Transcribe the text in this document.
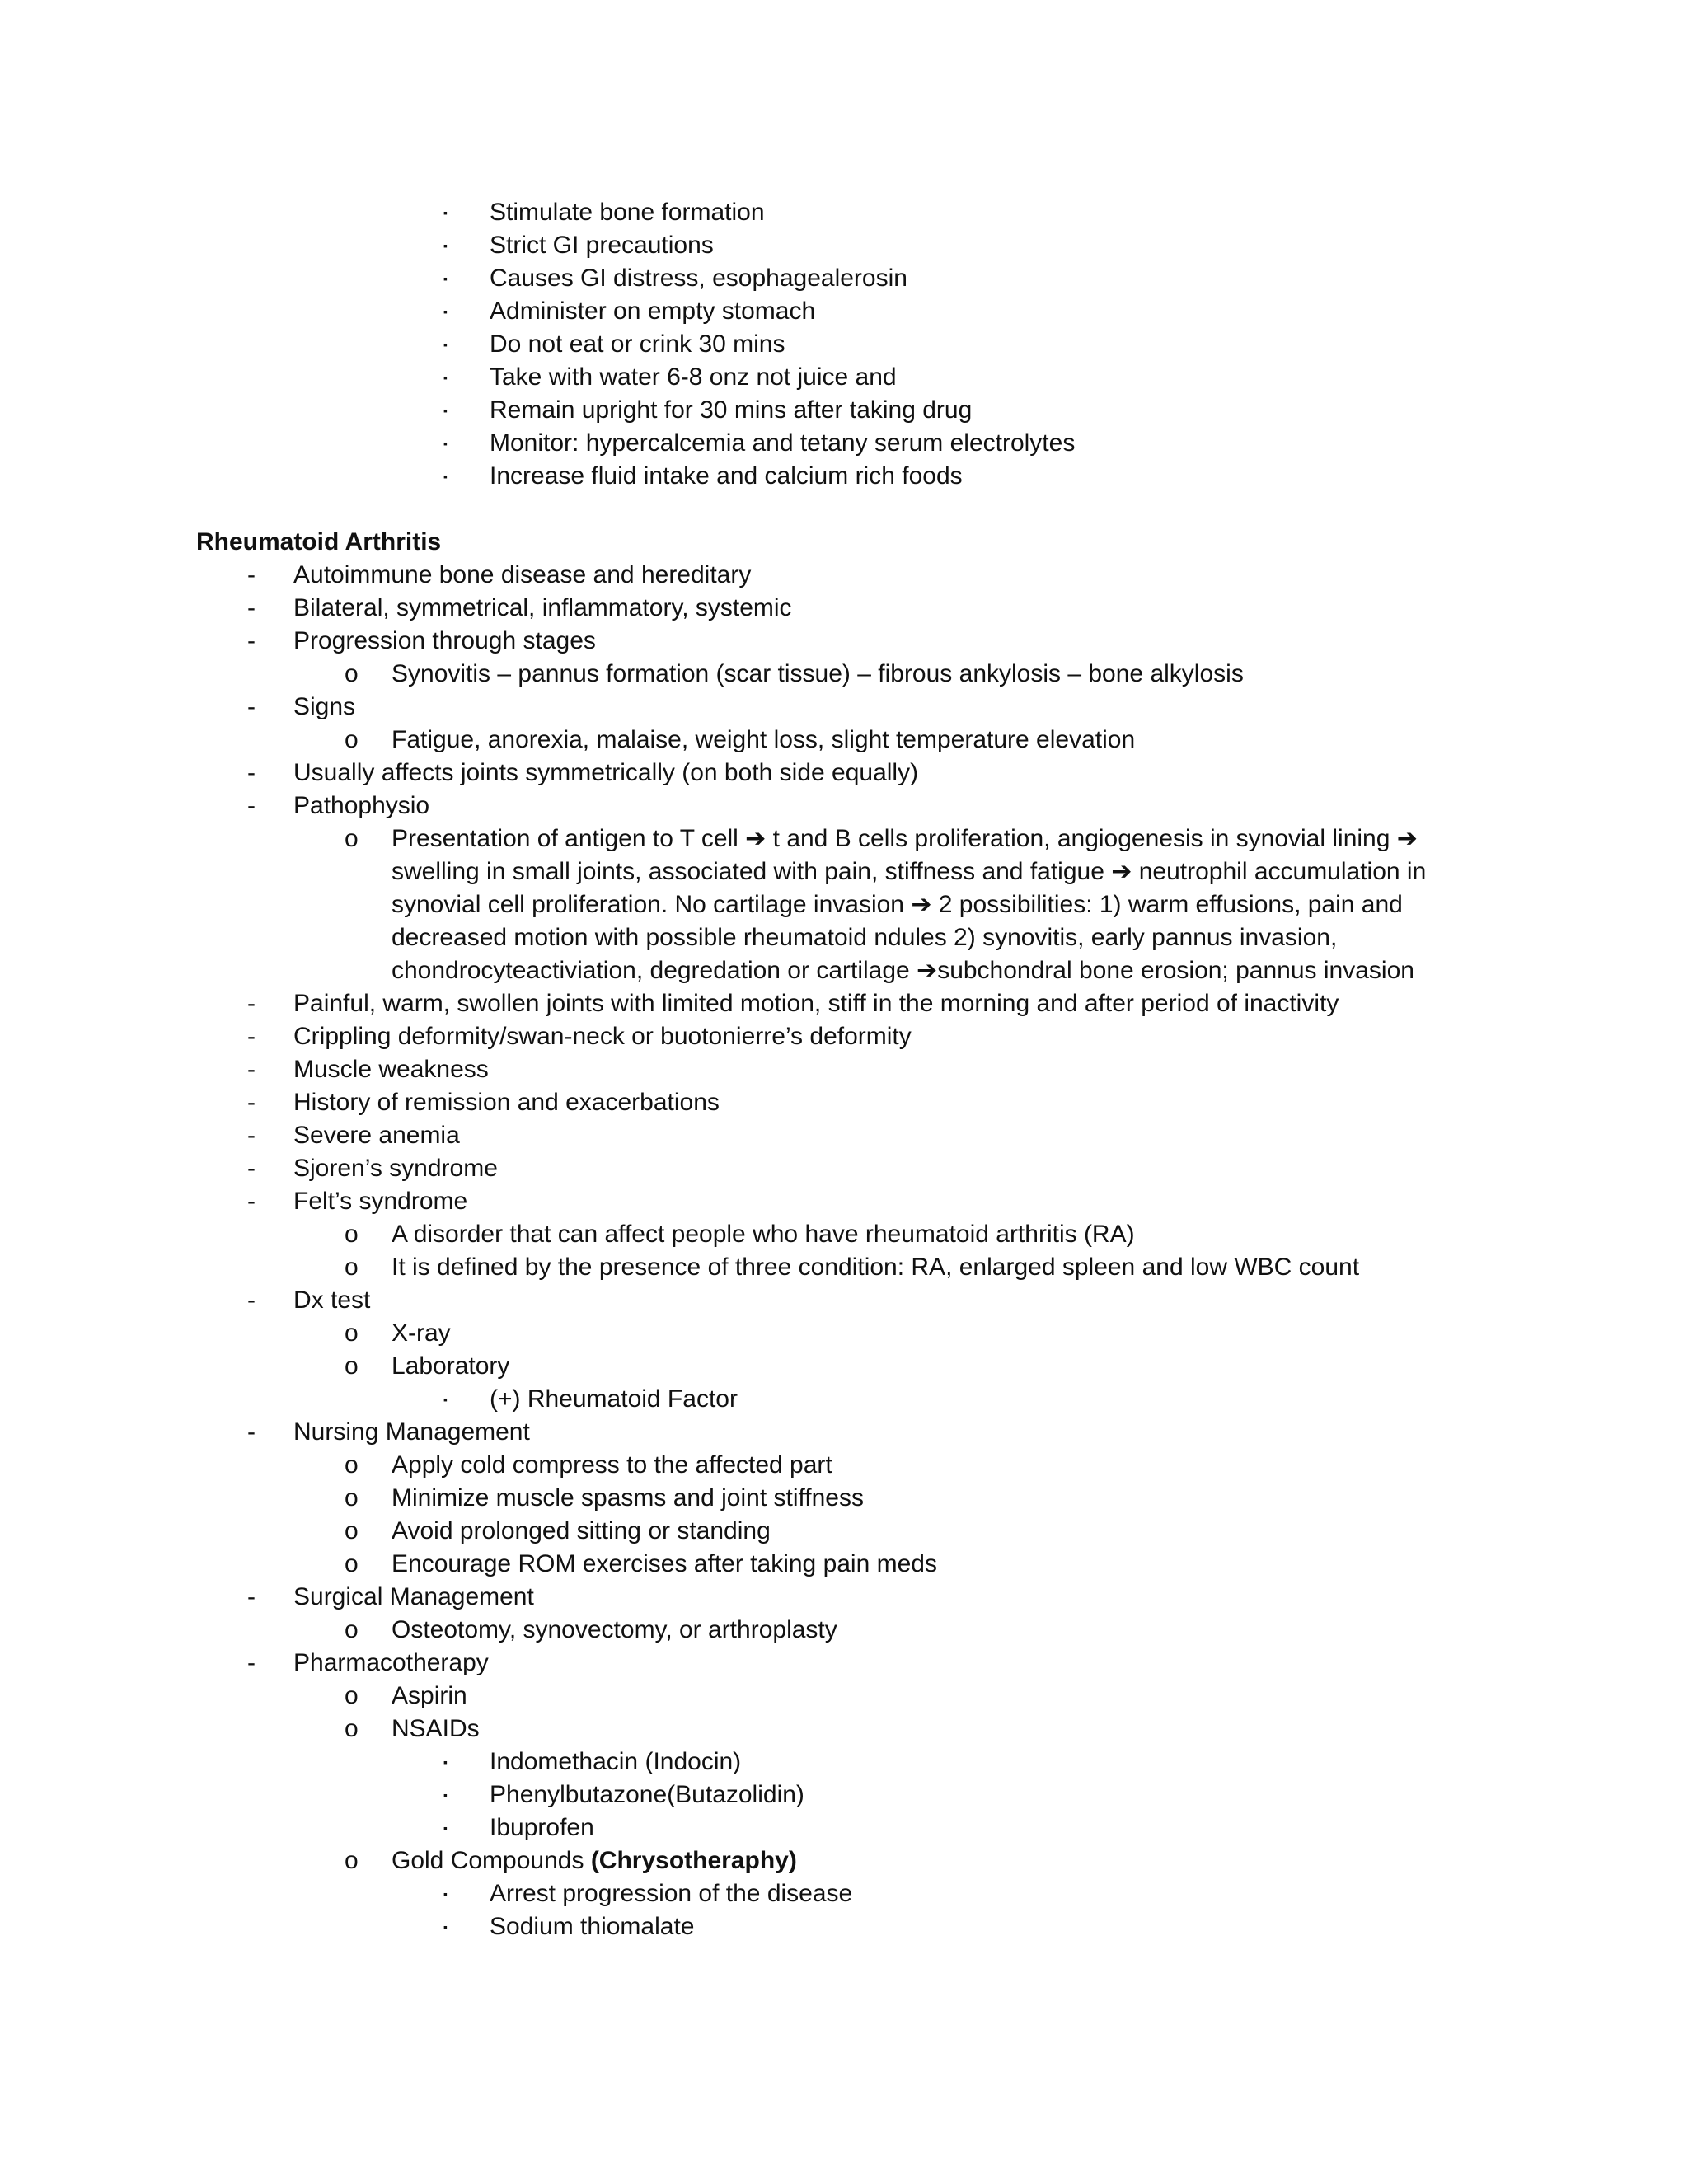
▪	Stimulate bone formation
▪	Strict GI precautions
▪	Causes GI distress, esophagealerosin
▪	Administer on empty stomach
▪	Do not eat or crink 30 mins
▪	Take with water 6-8 onz not juice and
▪	Remain upright for 30 mins after taking drug
▪	Monitor: hypercalcemia and tetany serum electrolytes
▪	Increase fluid intake and calcium rich foods
Rheumatoid Arthritis
-	Autoimmune bone disease and hereditary
-	Bilateral, symmetrical, inflammatory, systemic
-	Progression through stages
o Synovitis – pannus formation (scar tissue) – fibrous ankylosis – bone alkylosis
-	Signs
o Fatigue, anorexia, malaise, weight loss, slight temperature elevation
-	Usually affects joints symmetrically (on both side equally)
-	Pathophysio
o Presentation of antigen to T cell ➔ t and B cells proliferation, angiogenesis in synovial lining ➔
swelling in small joints, associated with pain, stiffness and fatigue ➔ neutrophil accumulation in
synovial cell proliferation. No cartilage invasion ➔ 2 possibilities: 1) warm effusions, pain and
decreased motion with possible rheumatoid ndules 2) synovitis, early pannus invasion,
chondrocyteactiviation, degredation or cartilage ➔subchondral bone erosion; pannus invasion
-	Painful, warm, swollen joints with limited motion, stiff in the morning and after period of inactivity
-	Crippling deformity/swan-neck or buotonierre’s deformity
-	Muscle weakness
-	History of remission and exacerbations
-	Severe anemia
-	Sjoren’s syndrome
-	Felt’s syndrome
o A disorder that can affect people who have rheumatoid arthritis (RA)
o It is defined by the presence of three condition: RA, enlarged spleen and low WBC count
-	Dx test
o X-ray
o Laboratory
▪	(+) Rheumatoid Factor
-	Nursing Management
o Apply cold compress to the affected part
o Minimize muscle spasms and joint stiffness
o Avoid prolonged sitting or standing
o Encourage ROM exercises after taking pain meds
-	Surgical Management
o Osteotomy, synovectomy, or arthroplasty
-	Pharmacotherapy
o Aspirin
o NSAIDs
▪	Indomethacin (Indocin)
▪	Phenylbutazone(Butazolidin)
▪	Ibuprofen
o Gold Compounds (Chrysotheraphy)
▪	Arrest progression of the disease
▪	Sodium thiomalate
